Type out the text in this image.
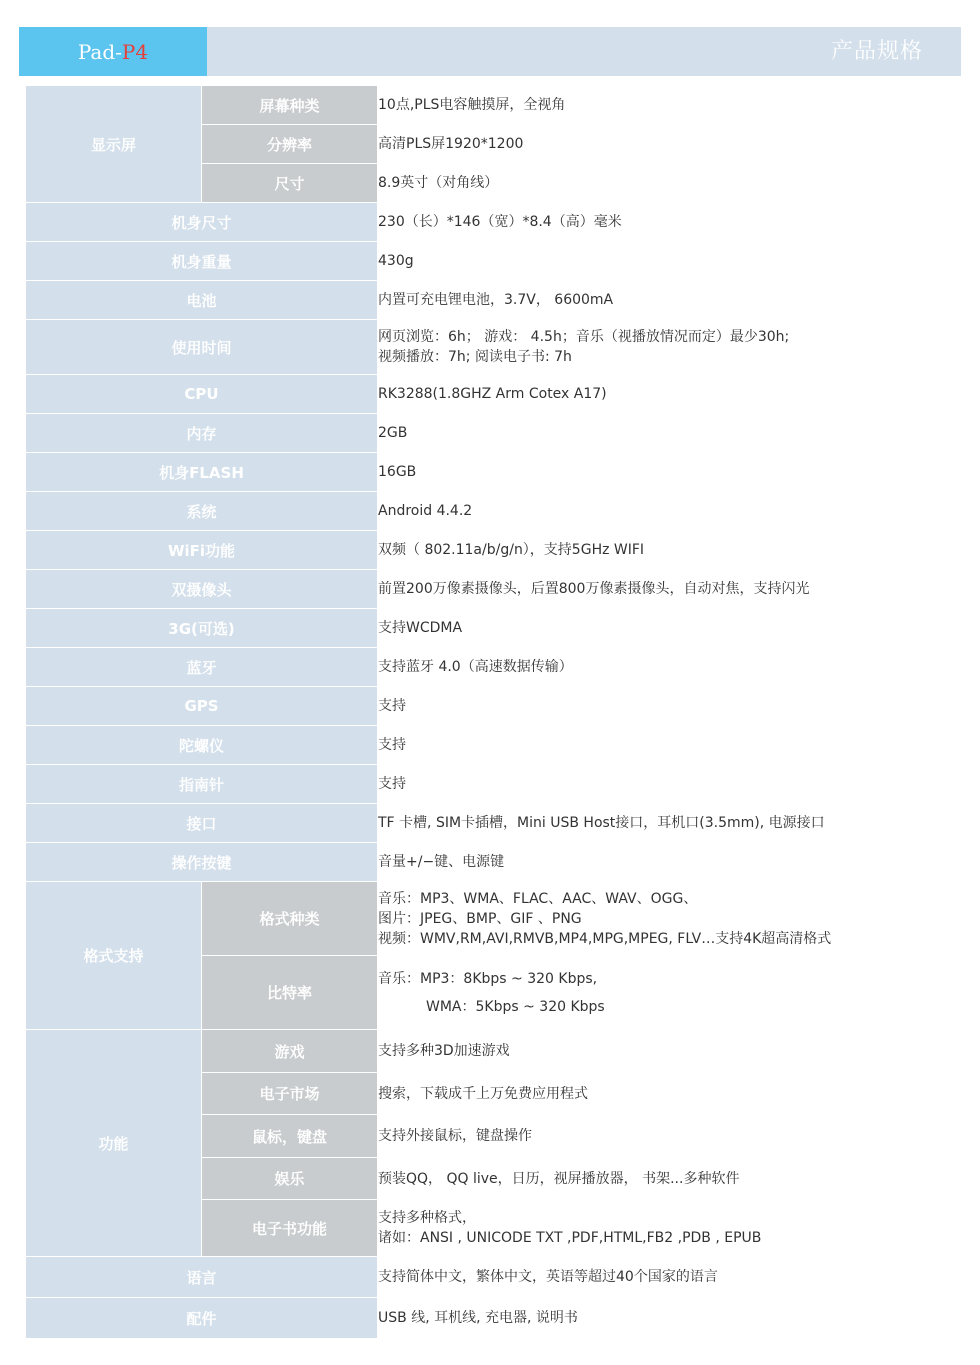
Pad- P4	产品规格
显示屏	屏幕种类	10点,PLS电容触摸屏，全视角
	分辨率	高清PLS屏1920*1200
	尺寸	8.9英寸（对角线）
机身尺寸		230（长）*146（宽）*8.4（高）毫米
机身重量		430g
电池		内置可充电锂电池，3.7V， 6600mA
使用时间		网页浏览：6h； 游戏： 4.5h；音乐（视播放情况而定）最少30h;
视频播放：7h; 阅读电子书: 7h

CPU		RK3288(1.8GHZ Arm Cotex A17)
内存		2GB
机身FLASH		16GB
系统		Android 4.4.2
WiFi功能		双频（ 802.11a/b/g/n），支持5GHz WIFI
双摄像头		前置200万像素摄像头，后置800万像素摄像头，自动对焦，支持闪光
3G(可选)		支持WCDMA
蓝牙		支持蓝牙 4.0（高速数据传输）
GPS		支持
陀螺仪		支持
指南针		支持
接口		TF 卡槽, SIM卡插槽，Mini USB Host接口，耳机口(3.5mm), 电源接口
操作按键		音量+/−键、电源键
格式支持	格式种类	音乐：MP3、WMA、FLAC、AAC、WAV、OGG、
图片：JPEG、BMP、GIF 、PNG
视频：WMV,RM,AVI,RMVB,MP4,MPG,MPEG, FLV…支持4K超高清格式

	比特率	音乐：MP3：8Kbps ~ 320 Kbps,
WMA：5Kbps ~ 320 Kbps

功能	游戏	支持多种3D加速游戏
	电子市场	搜索，下载成千上万免费应用程式
	鼠标，键盘	支持外接鼠标，键盘操作
	娱乐	预装QQ， QQ live，日历，视屏播放器， 书架...多种软件
	电子书功能	支持多种格式，
诸如：ANSI , UNICODE TXT ,PDF,HTML,FB2 ,PDB , EPUB

语言		支持简体中文，繁体中文，英语等超过40个国家的语言
配件		USB 线, 耳机线, 充电器, 说明书
